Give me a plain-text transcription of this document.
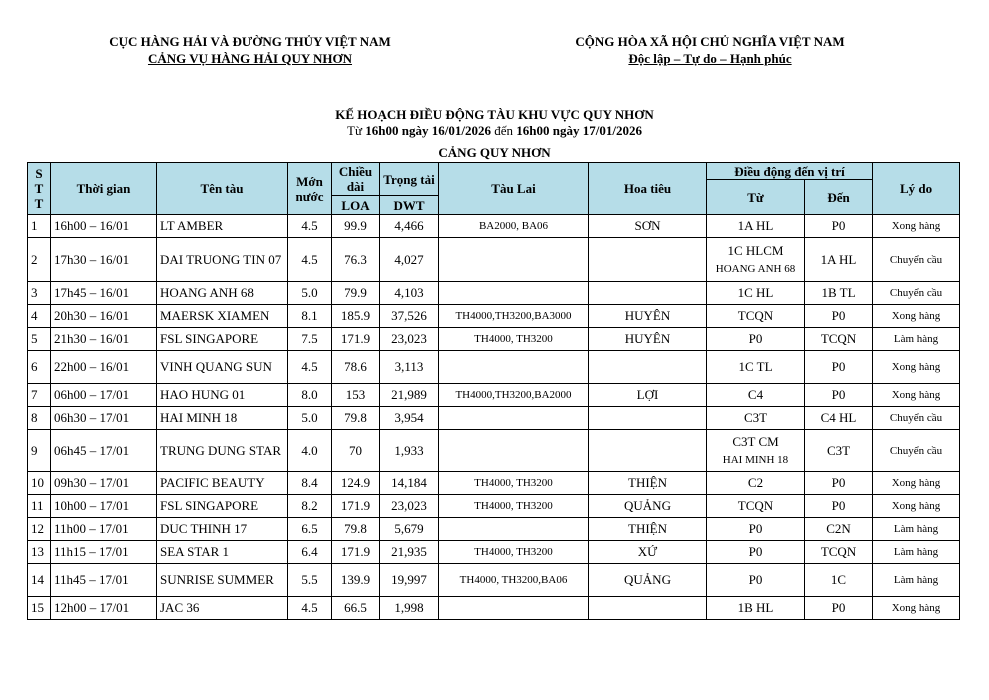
CỤC HÀNG HẢI VÀ ĐƯỜNG THỦY VIỆT NAM
CẢNG VỤ HÀNG HẢI QUY NHƠN
CỘNG HÒA XÃ HỘI CHỦ NGHĨA VIỆT NAM
Độc lập – Tự do – Hạnh phúc
KẾ HOẠCH ĐIỀU ĐỘNG TÀU KHU VỰC QUY NHƠN
Từ 16h00 ngày 16/01/2026 đến 16h00 ngày 17/01/2026
CẢNG QUY NHƠN
S T T	Thời gian	Tên tàu	Mớn nước	Chiều dài	Trọng tải	Tàu Lai	Hoa tiêu	Điều động đến vị trí		Lý do
								Từ	Đến	
				LOA	DWT					
1	16h00 – 16/01	LT AMBER	4.5	99.9	4,466	BA2000, BA06	SƠN	1A HL	P0	Xong hàng
2	17h30 – 16/01	DAI TRUONG TIN 07	4.5	76.3	4,027			1C HLCM
HOANG ANH 68	1A HL	Chuyển cầu
3	17h45 – 16/01	HOANG ANH 68	5.0	79.9	4,103			1C HL	1B TL	Chuyển cầu
4	20h30 – 16/01	MAERSK XIAMEN	8.1	185.9	37,526	TH4000,TH3200,BA3000	HUYÊN	TCQN	P0	Xong hàng
5	21h30 – 16/01	FSL SINGAPORE	7.5	171.9	23,023	TH4000, TH3200	HUYÊN	P0	TCQN	Làm hàng
6	22h00 – 16/01	VINH QUANG SUN	4.5	78.6	3,113			1C TL	P0	Xong hàng
7	06h00 – 17/01	HAO HUNG 01	8.0	153	21,989	TH4000,TH3200,BA2000	LỢI	C4	P0	Xong hàng
8	06h30 – 17/01	HAI MINH 18	5.0	79.8	3,954			C3T	C4 HL	Chuyển cầu
9	06h45 – 17/01	TRUNG DUNG STAR	4.0	70	1,933			C3T CM
HAI MINH 18	C3T	Chuyển cầu
10	09h30 – 17/01	PACIFIC BEAUTY	8.4	124.9	14,184	TH4000, TH3200	THIỆN	C2	P0	Xong hàng
11	10h00 – 17/01	FSL SINGAPORE	8.2	171.9	23,023	TH4000, TH3200	QUẢNG	TCQN	P0	Xong hàng
12	11h00 – 17/01	DUC THINH 17	6.5	79.8	5,679		THIỆN	P0	C2N	Làm hàng
13	11h15 – 17/01	SEA STAR 1	6.4	171.9	21,935	TH4000, TH3200	XỨ	P0	TCQN	Làm hàng
14	11h45 – 17/01	SUNRISE SUMMER	5.5	139.9	19,997	TH4000, TH3200,BA06	QUẢNG	P0	1C	Làm hàng
15	12h00 – 17/01	JAC 36	4.5	66.5	1,998			1B HL	P0	Xong hàng
